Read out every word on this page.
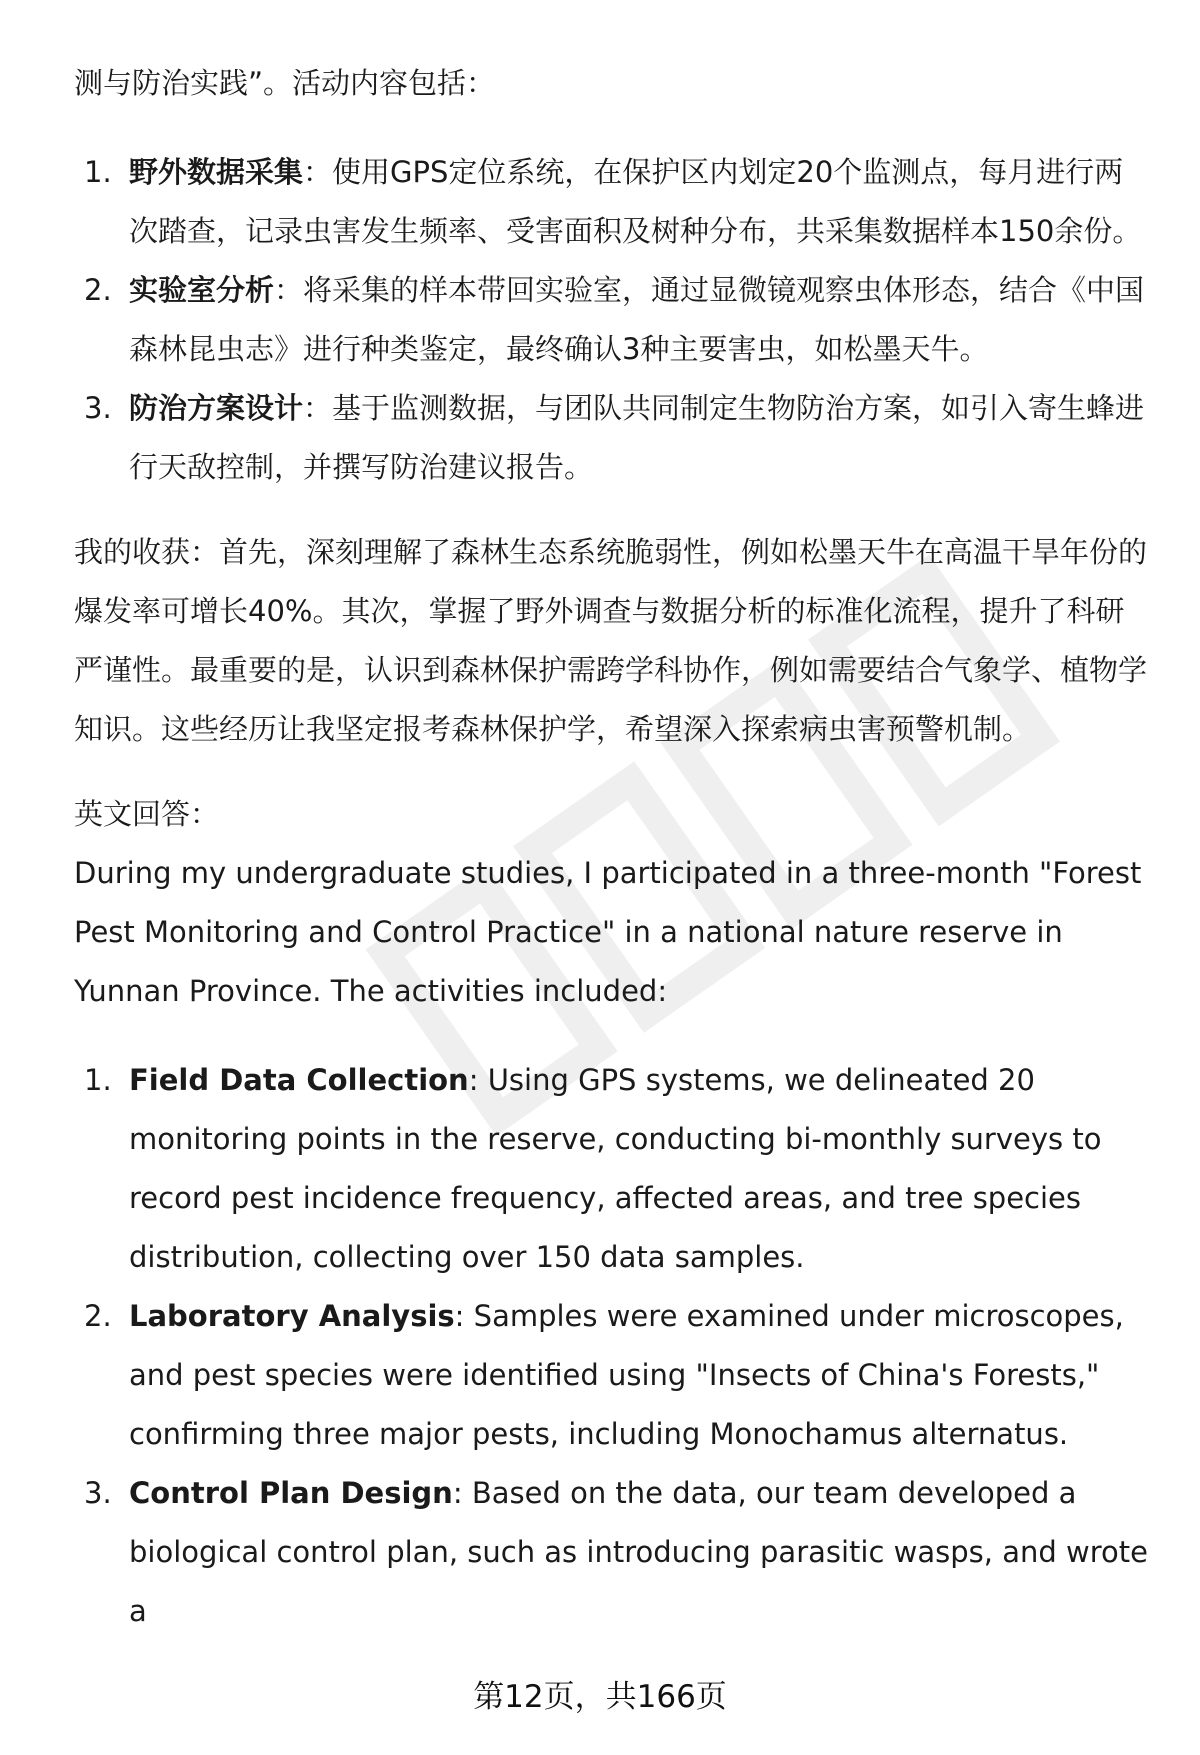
测与防治实践”。活动内容包括：

1. 野外数据采集：使用GPS定位系统，在保护区内划定20个监测点，每月进行两次踏查，记录虫害发生频率、受害面积及树种分布，共采集数据样本150余份。
2. 实验室分析：将采集的样本带回实验室，通过显微镜观察虫体形态，结合《中国森林昆虫志》进行种类鉴定，最终确认3种主要害虫，如松墨天牛。
3. 防治方案设计：基于监测数据，与团队共同制定生物防治方案，如引入寄生蜂进行天敌控制，并撰写防治建议报告。

我的收获：首先，深刻理解了森林生态系统脆弱性，例如松墨天牛在高温干旱年份的爆发率可增长40%。其次，掌握了野外调查与数据分析的标准化流程，提升了科研严谨性。最重要的是，认识到森林保护需跨学科协作，例如需要结合气象学、植物学知识。这些经历让我坚定报考森林保护学，希望深入探索病虫害预警机制。

英文回答：

During my undergraduate studies, I participated in a three-month "Forest Pest Monitoring and Control Practice" in a national nature reserve in Yunnan Province. The activities included:

1. Field Data Collection: Using GPS systems, we delineated 20 monitoring points in the reserve, conducting bi-monthly surveys to record pest incidence frequency, affected areas, and tree species distribution, collecting over 150 data samples.
2. Laboratory Analysis: Samples were examined under microscopes, and pest species were identified using "Insects of China's Forests," confirming three major pests, including Monochamus alternatus.
3. Control Plan Design: Based on the data, our team developed a biological control plan, such as introducing parasitic wasps, and wrote a
第12页，共166页
